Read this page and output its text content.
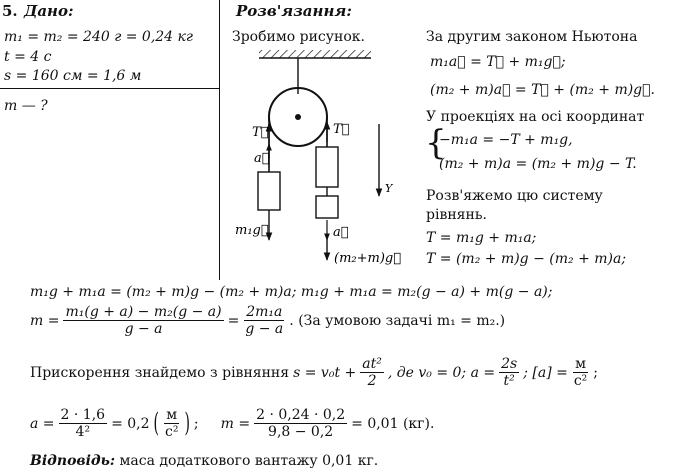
5. Дано:
m₁ = m₂ = 240 г = 0,24 кг
t = 4 с
s = 160 см = 1,6 м
m — ?
Розв'язання:
Зробимо рисунок.
T⃗	T⃗
a⃗
m₁g⃗	a⃗
(m₂+m)g⃗
Y
За другим законом Ньютона
m₁a⃗ = T⃗ + m₁g⃗;
(m₂ + m)a⃗ = T⃗ + (m₂ + m)g⃗.
У проекціях на осі координат
{
−m₁a = −T + m₁g,
(m₂ + m)a = (m₂ + m)g − T.
Розв'яжемо цю систему
рівнянь.
T = m₁g + m₁a;
T = (m₂ + m)g − (m₂ + m)a;
m₁g + m₁a = (m₂ + m)g − (m₂ + m)a; m₁g + m₁a = m₂(g − a) + m(g − a);
$m = \frac{\text{m₁(g + a) − m₂(g − a)}}{g - a} = \frac{\text{2m₁a}}{g - a}$ . (За умовою задачі m₁ = m₂.)
Прискорення знайдемо з рівняння $s = v_0t + \frac{\text{at²}}{2}$ , де v₀ = 0; $a = \frac{2s}{\text{t²}}$ ; $[a] = \frac{м}{\text{с²}}$ ;
$a = \frac{2 \cdot 1,6}{\text{4²}} = 0,2$ ( $\frac{м}{\text{с²}}$ ) ; $m = \frac{2 \cdot 0,24 \cdot 0,2}{9,8 - 0,2} = 0,01$ (кг).
Відповідь: маса додаткового вантажу 0,01 кг.
